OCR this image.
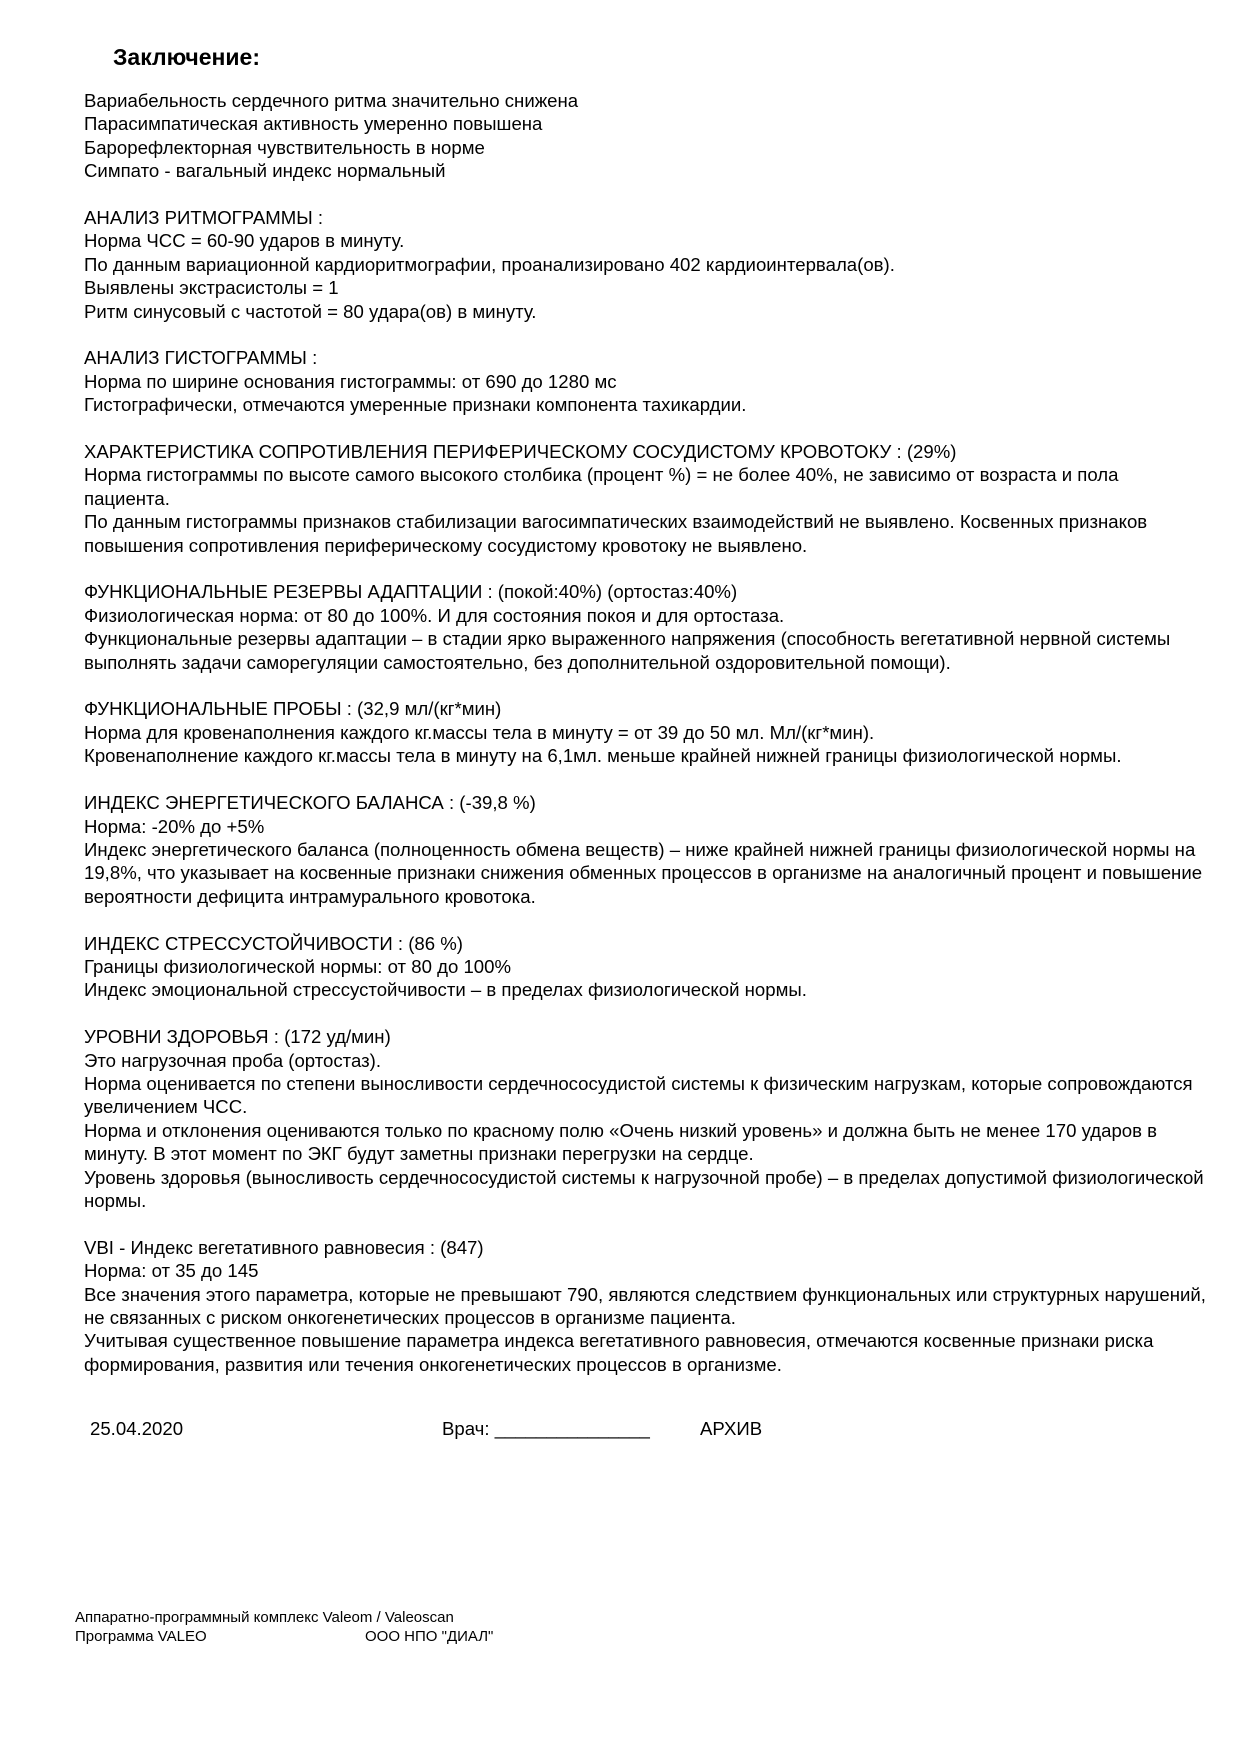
Заключение:
Вариабельность сердечного ритма значительно снижена
Парасимпатическая активность умеренно повышена
Барорефлекторная чувствительность в норме
Симпато - вагальный индекс нормальный
АНАЛИЗ РИТМОГРАММЫ :
Норма ЧСС = 60-90 ударов в минуту.
По данным вариационной кардиоритмографии, проанализировано 402 кардиоинтервала(ов).
Выявлены экстрасистолы = 1
Ритм синусовый с частотой = 80 удара(ов) в минуту.
АНАЛИЗ ГИСТОГРАММЫ :
Норма по ширине основания гистограммы: от 690 до 1280 мс
Гистографически, отмечаются умеренные признаки компонента тахикардии.
ХАРАКТЕРИСТИКА СОПРОТИВЛЕНИЯ ПЕРИФЕРИЧЕСКОМУ СОСУДИСТОМУ КРОВОТОКУ : (29%)
Норма гистограммы по высоте самого высокого столбика (процент %) = не более 40%, не зависимо от возраста и пола пациента.
По данным гистограммы признаков стабилизации вагосимпатических взаимодействий не выявлено. Косвенных признаков повышения сопротивления периферическому сосудистому кровотоку не выявлено.
ФУНКЦИОНАЛЬНЫЕ РЕЗЕРВЫ АДАПТАЦИИ : (покой:40%) (ортостаз:40%)
Физиологическая норма: от 80 до 100%. И для состояния покоя и для ортостаза.
Функциональные резервы адаптации – в стадии ярко выраженного напряжения (способность вегетативной нервной системы выполнять задачи саморегуляции самостоятельно, без дополнительной оздоровительной помощи).
ФУНКЦИОНАЛЬНЫЕ ПРОБЫ : (32,9 мл/(кг*мин)
Норма для кровенаполнения каждого кг.массы тела в минуту = от 39 до 50 мл. Мл/(кг*мин).
Кровенаполнение каждого кг.массы тела в минуту на 6,1мл. меньше крайней нижней границы физиологической нормы.
ИНДЕКС ЭНЕРГЕТИЧЕСКОГО БАЛАНСА : (-39,8 %)
Норма: -20% до +5%
Индекс энергетического баланса (полноценность обмена веществ) – ниже крайней нижней границы физиологической нормы на 19,8%, что указывает на косвенные признаки снижения обменных процессов в организме на аналогичный процент и повышение вероятности дефицита интрамурального кровотока.
ИНДЕКС СТРЕССУСТОЙЧИВОСТИ : (86 %)
Границы физиологической нормы: от 80 до 100%
Индекс эмоциональной стрессустойчивости – в пределах физиологической нормы.
УРОВНИ ЗДОРОВЬЯ : (172 уд/мин)
Это нагрузочная проба (ортостаз).
Норма оценивается по степени выносливости сердечнососудистой системы к физическим нагрузкам, которые сопровождаются увеличением ЧСС.
Норма и отклонения оцениваются только по красному полю «Очень низкий уровень» и должна быть не менее 170 ударов в минуту. В этот момент по ЭКГ будут заметны признаки перегрузки на сердце.
Уровень здоровья (выносливость сердечнососудистой системы к нагрузочной пробе) – в пределах допустимой физиологической нормы.
VBI - Индекс вегетативного равновесия : (847)
Норма: от 35 до 145
Все значения этого параметра, которые не превышают 790, являются следствием функциональных или структурных нарушений, не связанных с риском онкогенетических процессов в организме пациента.
Учитывая существенное повышение параметра индекса вегетативного равновесия, отмечаются косвенные признаки риска формирования, развития или течения онкогенетических процессов в организме.
25.04.2020	Врач: _______________	АРХИВ
Аппаратно-программный комплекс Valeom / Valeoscan
Программа VALEO	ООО НПО "ДИАЛ"
